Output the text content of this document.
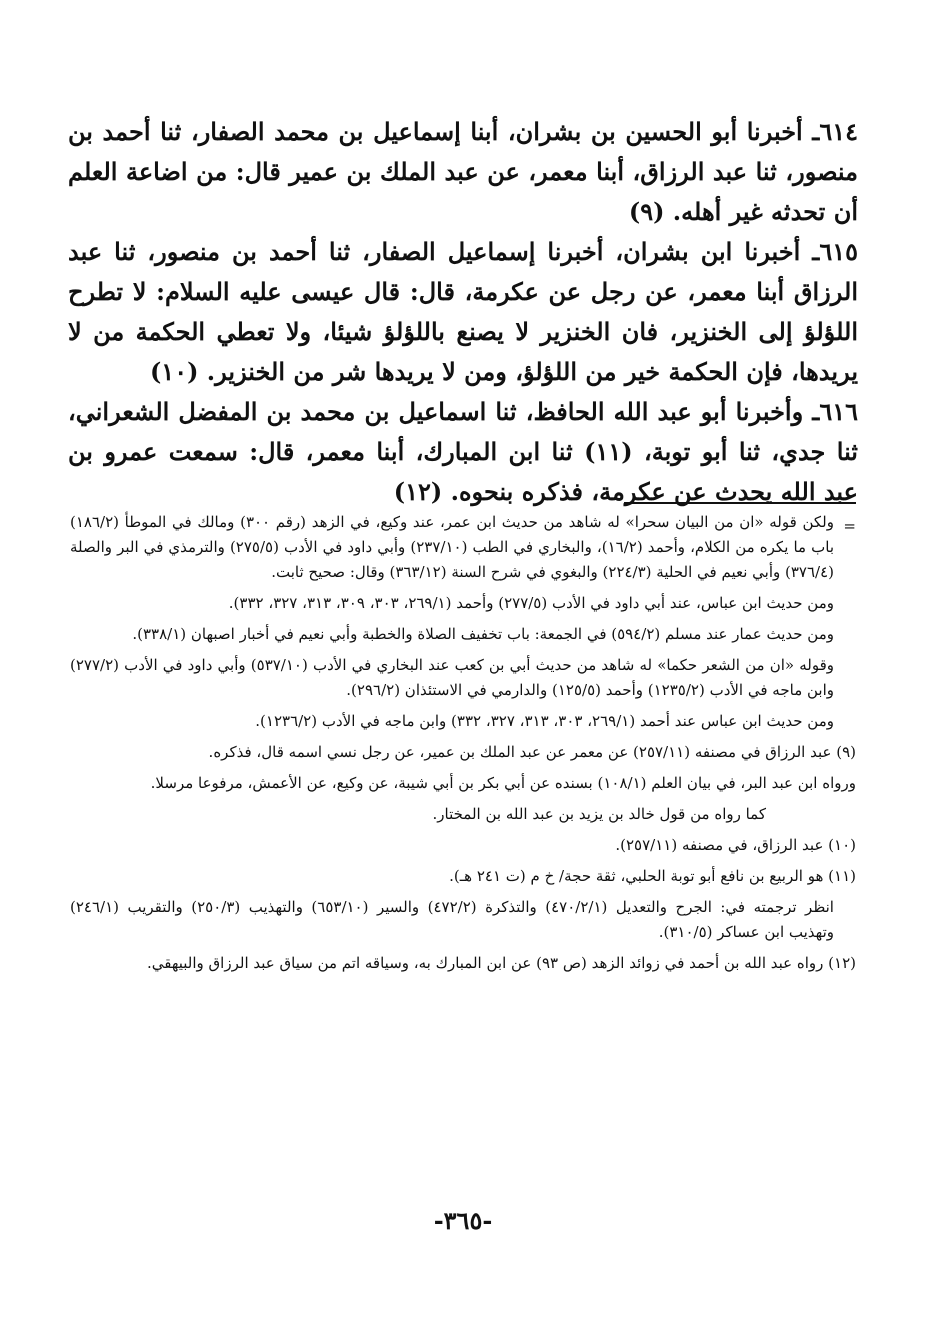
٦١٤ـ أخبرنا أبو الحسين بن بشران، أبنا إسماعيل بن محمد الصفار، ثنا أحمد بن منصور، ثنا عبد الرزاق، أبنا معمر، عن عبد الملك بن عمير قال: من اضاعة العلم أن تحدثه غير أهله. (٩)

٦١٥ـ أخبرنا ابن بشران، أخبرنا إسماعيل الصفار، ثنا أحمد بن منصور، ثنا عبد الرزاق أبنا معمر، عن رجل عن عكرمة، قال: قال عيسى عليه السلام: لا تطرح اللؤلؤ إلى الخنزير، فان الخنزير لا يصنع باللؤلؤ شيئا، ولا تعطي الحكمة من لا يريدها، فإن الحكمة خير من اللؤلؤ، ومن لا يريدها شر من الخنزير. (١٠)

٦١٦ـ وأخبرنا أبو عبد الله الحافظ، ثنا اسماعيل بن محمد بن المفضل الشعراني، ثنا جدي، ثنا أبو توبة، (١١) ثنا ابن المبارك، أبنا معمر، قال: سمعت عمرو بن عبد الله يحدث عن عكرمة، فذكره بنحوه. (١٢)

=

ولكن قوله «ان من البيان سحرا» له شاهد من حديث ابن عمر، عند وكيع، في الزهد (رقم ٣٠٠) ومالك في الموطأ (١٨٦/٢) باب ما يكره من الكلام، وأحمد (١٦/٢)، والبخاري في الطب (٢٣٧/١٠) وأبي داود في الأدب (٢٧٥/٥) والترمذي في البر والصلة (٣٧٦/٤) وأبي نعيم في الحلية (٢٢٤/٣) والبغوي في شرح السنة (٣٦٣/١٢) وقال: صحيح ثابت.

ومن حديث ابن عباس، عند أبي داود في الأدب (٢٧٧/٥) وأحمد (٢٦٩/١، ٣٠٣، ٣٠٩، ٣١٣، ٣٢٧، ٣٣٢).

ومن حديث عمار عند مسلم (٥٩٤/٢) في الجمعة: باب تخفيف الصلاة والخطبة وأبي نعيم في أخبار اصبهان (٣٣٨/١).

وقوله «ان من الشعر حكما» له شاهد من حديث أبي بن كعب عند البخاري في الأدب (٥٣٧/١٠) وأبي داود في الأدب (٢٧٧/٢) وابن ماجه في الأدب (١٢٣٥/٢) وأحمد (١٢٥/٥) والدارمي في الاستئذان (٢٩٦/٢).

ومن حديث ابن عباس عند أحمد (٢٦٩/١، ٣٠٣، ٣١٣، ٣٢٧، ٣٣٢) وابن ماجه في الأدب (١٢٣٦/٢).

(٩) عبد الرزاق في مصنفه (٢٥٧/١١) عن معمر عن عبد الملك بن عمير، عن رجل نسي اسمه قال، فذكره.

ورواه ابن عبد البر، في بيان العلم (١٠٨/١) بسنده عن أبي بكر بن أبي شيبة، عن وكيع، عن الأعمش، مرفوعا مرسلا.

كما رواه من قول خالد بن يزيد بن عبد الله بن المختار.

(١٠) عبد الرزاق، في مصنفه (٢٥٧/١١).

(١١) هو الربيع بن نافع أبو توبة الحلبي، ثقة حجة/ خ م (ت ٢٤١ هـ).

انظر ترجمته في: الجرح والتعديل (٤٧٠/٢/١) والتذكرة (٤٧٢/٢) والسير (٦٥٣/١٠) والتهذيب (٢٥٠/٣) والتقريب (٢٤٦/١) وتهذيب ابن عساكر (٣١٠/٥).

(١٢) رواه عبد الله بن أحمد في زوائد الزهد (ص ٩٣) عن ابن المبارك به، وسياقه اتم من سياق عبد الرزاق والبيهقي.

-٣٦٥-
